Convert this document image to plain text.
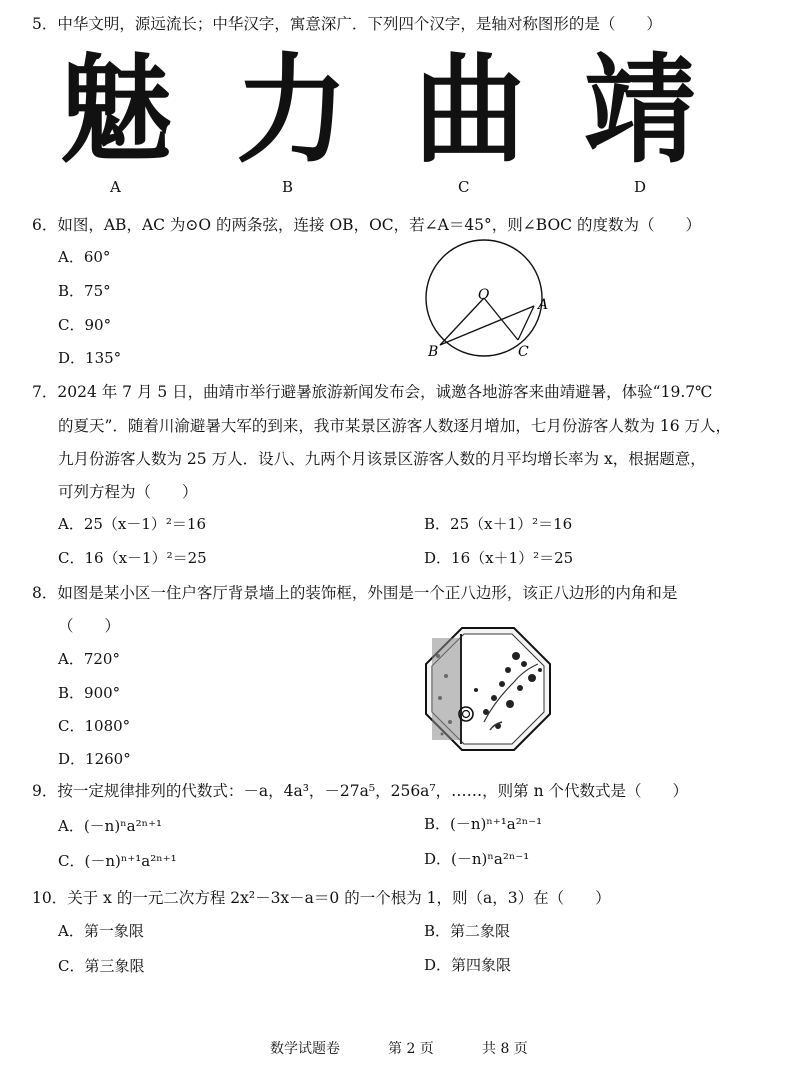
5．中华文明，源远流长；中华汉字，寓意深广．下列四个汉字，是轴对称图形的是（　　）
魅 力 曲 靖
A	B	C	D
6．如图，AB，AC 为⊙O 的两条弦，连接 OB，OC，若∠A＝45°，则∠BOC 的度数为（　　）
A．60°
B．75°
C．90°
D．135°
O
A
B	C
7．2024 年 7 月 5 日，曲靖市举行避暑旅游新闻发布会，诚邀各地游客来曲靖避暑，体验“19.7℃
的夏天”．随着川渝避暑大军的到来，我市某景区游客人数逐月增加，七月份游客人数为 16 万人，
九月份游客人数为 25 万人．设八、九两个月该景区游客人数的月平均增长率为 x，根据题意，
可列方程为（　　）
A．25（x－1）²＝16	B．25（x＋1）²＝16
C．16（x－1）²＝25	D．16（x＋1）²＝25
8．如图是某小区一住户客厅背景墙上的装饰框，外围是一个正八边形，该正八边形的内角和是
（　　）
A．720°
B．900°
C．1080°
D．1260°
9．按一定规律排列的代数式：－a，4a³，－27a⁵，256a⁷，……，则第 n 个代数式是（　　）
A．(－n)ⁿa²ⁿ⁺¹	B．(－n)ⁿ⁺¹a²ⁿ⁻¹
C．(－n)ⁿ⁺¹a²ⁿ⁺¹	D．(－n)ⁿa²ⁿ⁻¹
10．关于 x 的一元二次方程 2x²－3x－a＝0 的一个根为 1，则（a，3）在（　　）
A．第一象限	B．第二象限
C．第三象限	D．第四象限
数学试题卷	第 2 页	共 8 页
